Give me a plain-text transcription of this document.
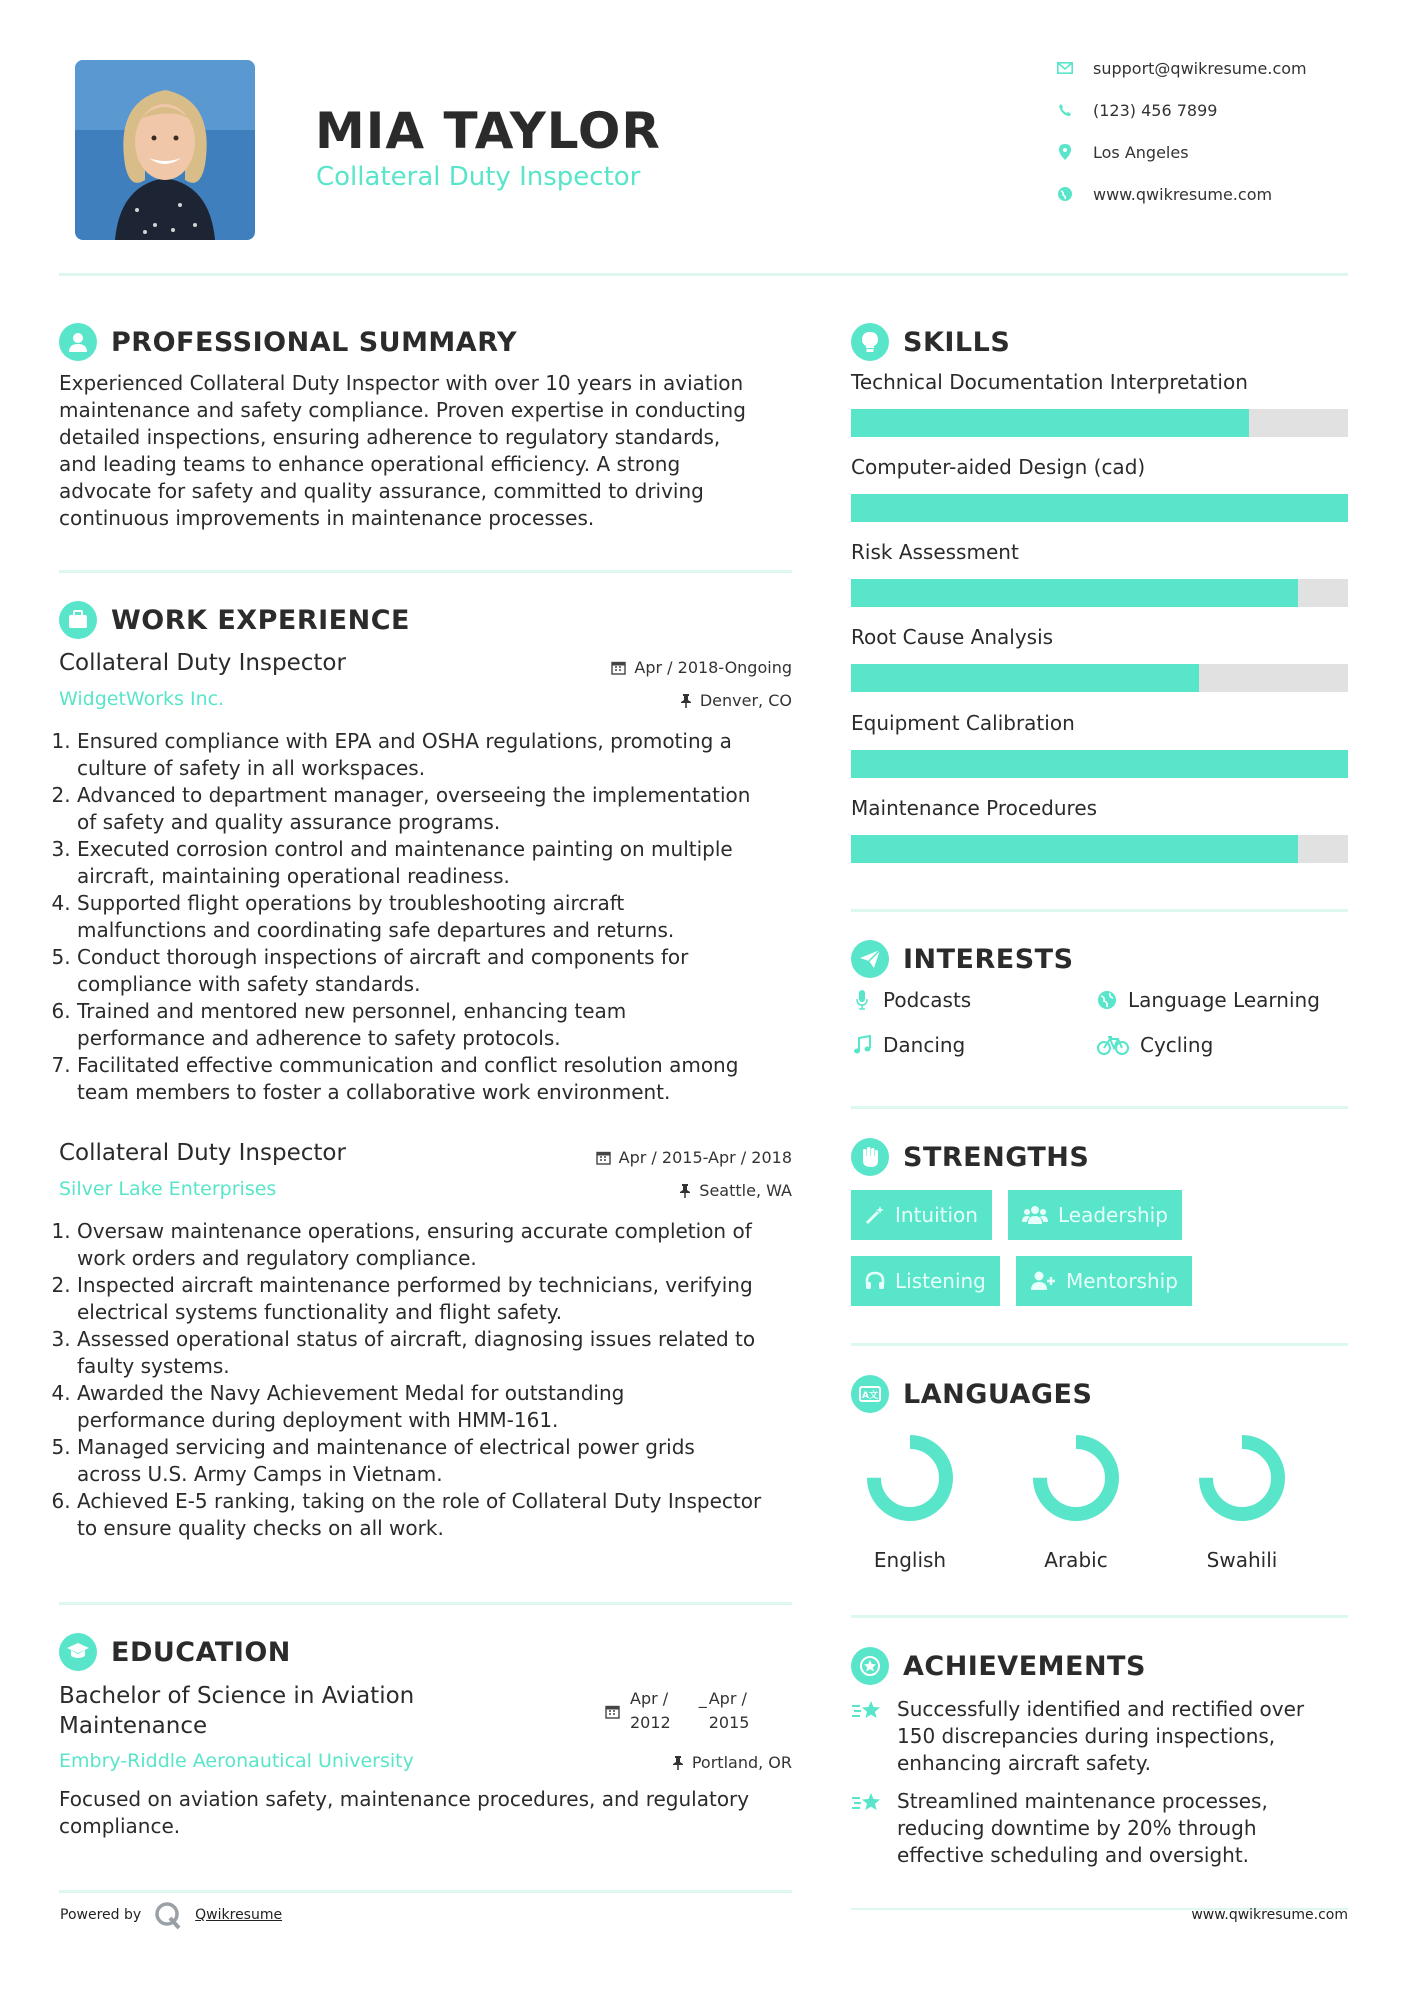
MIA TAYLOR
Collateral Duty Inspector
support@qwikresume.com
(123) 456 7899
Los Angeles
www.qwikresume.com
PROFESSIONAL SUMMARY
Experienced Collateral Duty Inspector with over 10 years in aviation
maintenance and safety compliance. Proven expertise in conducting
detailed inspections, ensuring adherence to regulatory standards,
and leading teams to enhance operational efficiency. A strong
advocate for safety and quality assurance, committed to driving
continuous improvements in maintenance processes.
WORK EXPERIENCE
Collateral Duty Inspector	Apr / 2018-Ongoing
WidgetWorks Inc.	Denver, CO
1. Ensured compliance with EPA and OSHA regulations, promoting a
culture of safety in all workspaces.
2. Advanced to department manager, overseeing the implementation
of safety and quality assurance programs.
3. Executed corrosion control and maintenance painting on multiple
aircraft, maintaining operational readiness.
4. Supported flight operations by troubleshooting aircraft
malfunctions and coordinating safe departures and returns.
5. Conduct thorough inspections of aircraft and components for
compliance with safety standards.
6. Trained and mentored new personnel, enhancing team
performance and adherence to safety protocols.
7. Facilitated effective communication and conflict resolution among
team members to foster a collaborative work environment.
Collateral Duty Inspector	Apr / 2015-Apr / 2018
Silver Lake Enterprises	Seattle, WA
1. Oversaw maintenance operations, ensuring accurate completion of
work orders and regulatory compliance.
2. Inspected aircraft maintenance performed by technicians, verifying
electrical systems functionality and flight safety.
3. Assessed operational status of aircraft, diagnosing issues related to
faulty systems.
4. Awarded the Navy Achievement Medal for outstanding
performance during deployment with HMM-161.
5. Managed servicing and maintenance of electrical power grids
across U.S. Army Camps in Vietnam.
6. Achieved E-5 ranking, taking on the role of Collateral Duty Inspector
to ensure quality checks on all work.
EDUCATION
Bachelor of Science in Aviation
Maintenance
Apr /
2012
_ Apr /
2015
Embry-Riddle Aeronautical University	Portland, OR
Focused on aviation safety, maintenance procedures, and regulatory
compliance.
SKILLS
Technical Documentation Interpretation
Computer-aided Design (cad)
Risk Assessment
Root Cause Analysis
Equipment Calibration
Maintenance Procedures
INTERESTS
Podcasts	Language Learning
Dancing	Cycling
STRENGTHS
Intuition	Leadership
Listening	Mentorship
A文 LANGUAGES
English	Arabic	Swahili
ACHIEVEMENTS
Successfully identified and rectified over
150 discrepancies during inspections,
enhancing aircraft safety.
Streamlined maintenance processes,
reducing downtime by 20% through
effective scheduling and oversight.
Powered by	Qwikresume	www.qwikresume.com
